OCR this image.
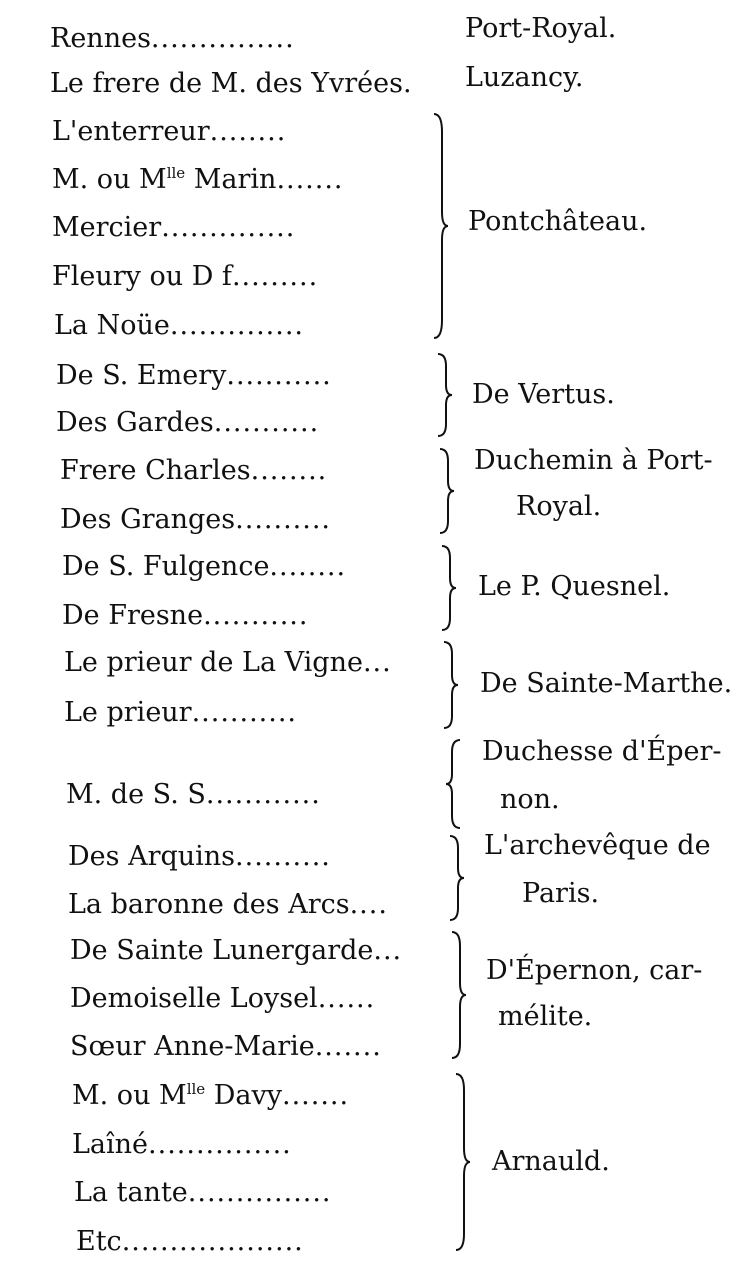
Rennes...............	Port-Royal.
Le frere de M. des Yvrées. Luzancy.
L'enterreur........
M. ou $M^{lle}$ Marin.......
Mercier..............
Fleury ou D f.........
La Noüe..............
Pontchâteau.
De S. Emery...........
Des Gardes...........
De Vertus.
Frere Charles........
Des Granges..........
Duchemin à Port-
Royal.
De S. Fulgence........
De Fresne...........
Le P. Quesnel.
Le prieur de La Vigne...
Le prieur...........
De Sainte-Marthe.
M. de S. S............
Duchesse d'Éper-
non.
Des Arquins..........
La baronne des Arcs....
L'archevêque de
Paris.
De Sainte Lunergarde...
Demoiselle Loysel......
Sœur Anne-Marie.......
D'Épernon, car-
mélite.
M. ou $M^{lle}$ Davy.......
Laîné...............
La tante...............
Etc...................
Arnauld.
